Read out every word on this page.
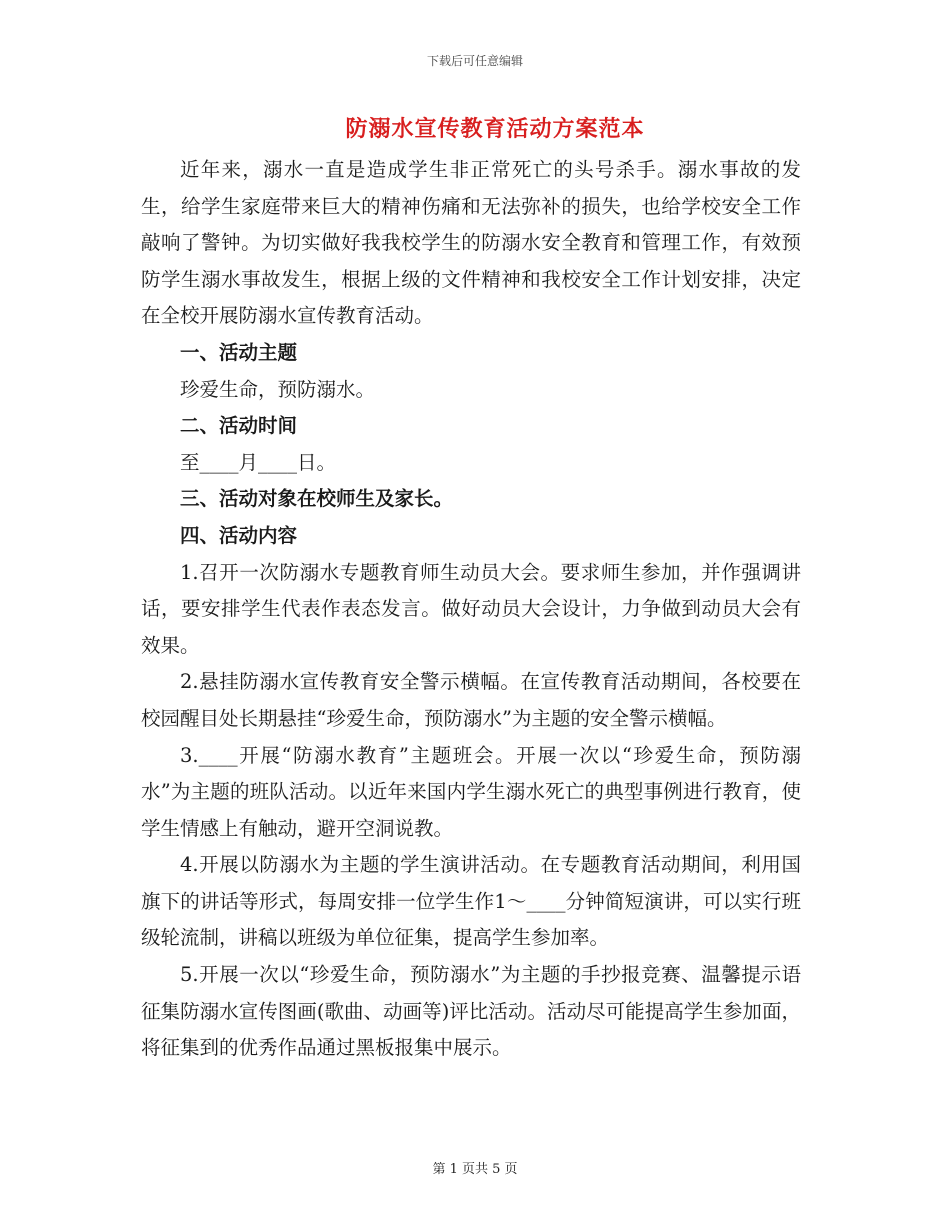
下载后可任意编辑
防溺水宣传教育活动方案范本

近年来，溺水一直是造成学生非正常死亡的头号杀手。溺水事故的发生，给学生家庭带来巨大的精神伤痛和无法弥补的损失，也给学校安全工作敲响了警钟。为切实做好我我校学生的防溺水安全教育和管理工作，有效预防学生溺水事故发生，根据上级的文件精神和我校安全工作计划安排，决定在全校开展防溺水宣传教育活动。

一、活动主题

珍爱生命，预防溺水。

二、活动时间

至____月____日。

三、活动对象在校师生及家长。

四、活动内容

1.召开一次防溺水专题教育师生动员大会。要求师生参加，并作强调讲话，要安排学生代表作表态发言。做好动员大会设计，力争做到动员大会有效果。

2.悬挂防溺水宣传教育安全警示横幅。在宣传教育活动期间，各校要在校园醒目处长期悬挂“珍爱生命，预防溺水”为主题的安全警示横幅。

3.____开展“防溺水教育”主题班会。开展一次以“珍爱生命，预防溺水”为主题的班队活动。以近年来国内学生溺水死亡的典型事例进行教育，使学生情感上有触动，避开空洞说教。

4.开展以防溺水为主题的学生演讲活动。在专题教育活动期间，利用国旗下的讲话等形式，每周安排一位学生作1～____分钟简短演讲，可以实行班级轮流制，讲稿以班级为单位征集，提高学生参加率。

5.开展一次以“珍爱生命，预防溺水”为主题的手抄报竞赛、温馨提示语征集防溺水宣传图画(歌曲、动画等)评比活动。活动尽可能提高学生参加面，将征集到的优秀作品通过黑板报集中展示。

第 1 页共 5 页
